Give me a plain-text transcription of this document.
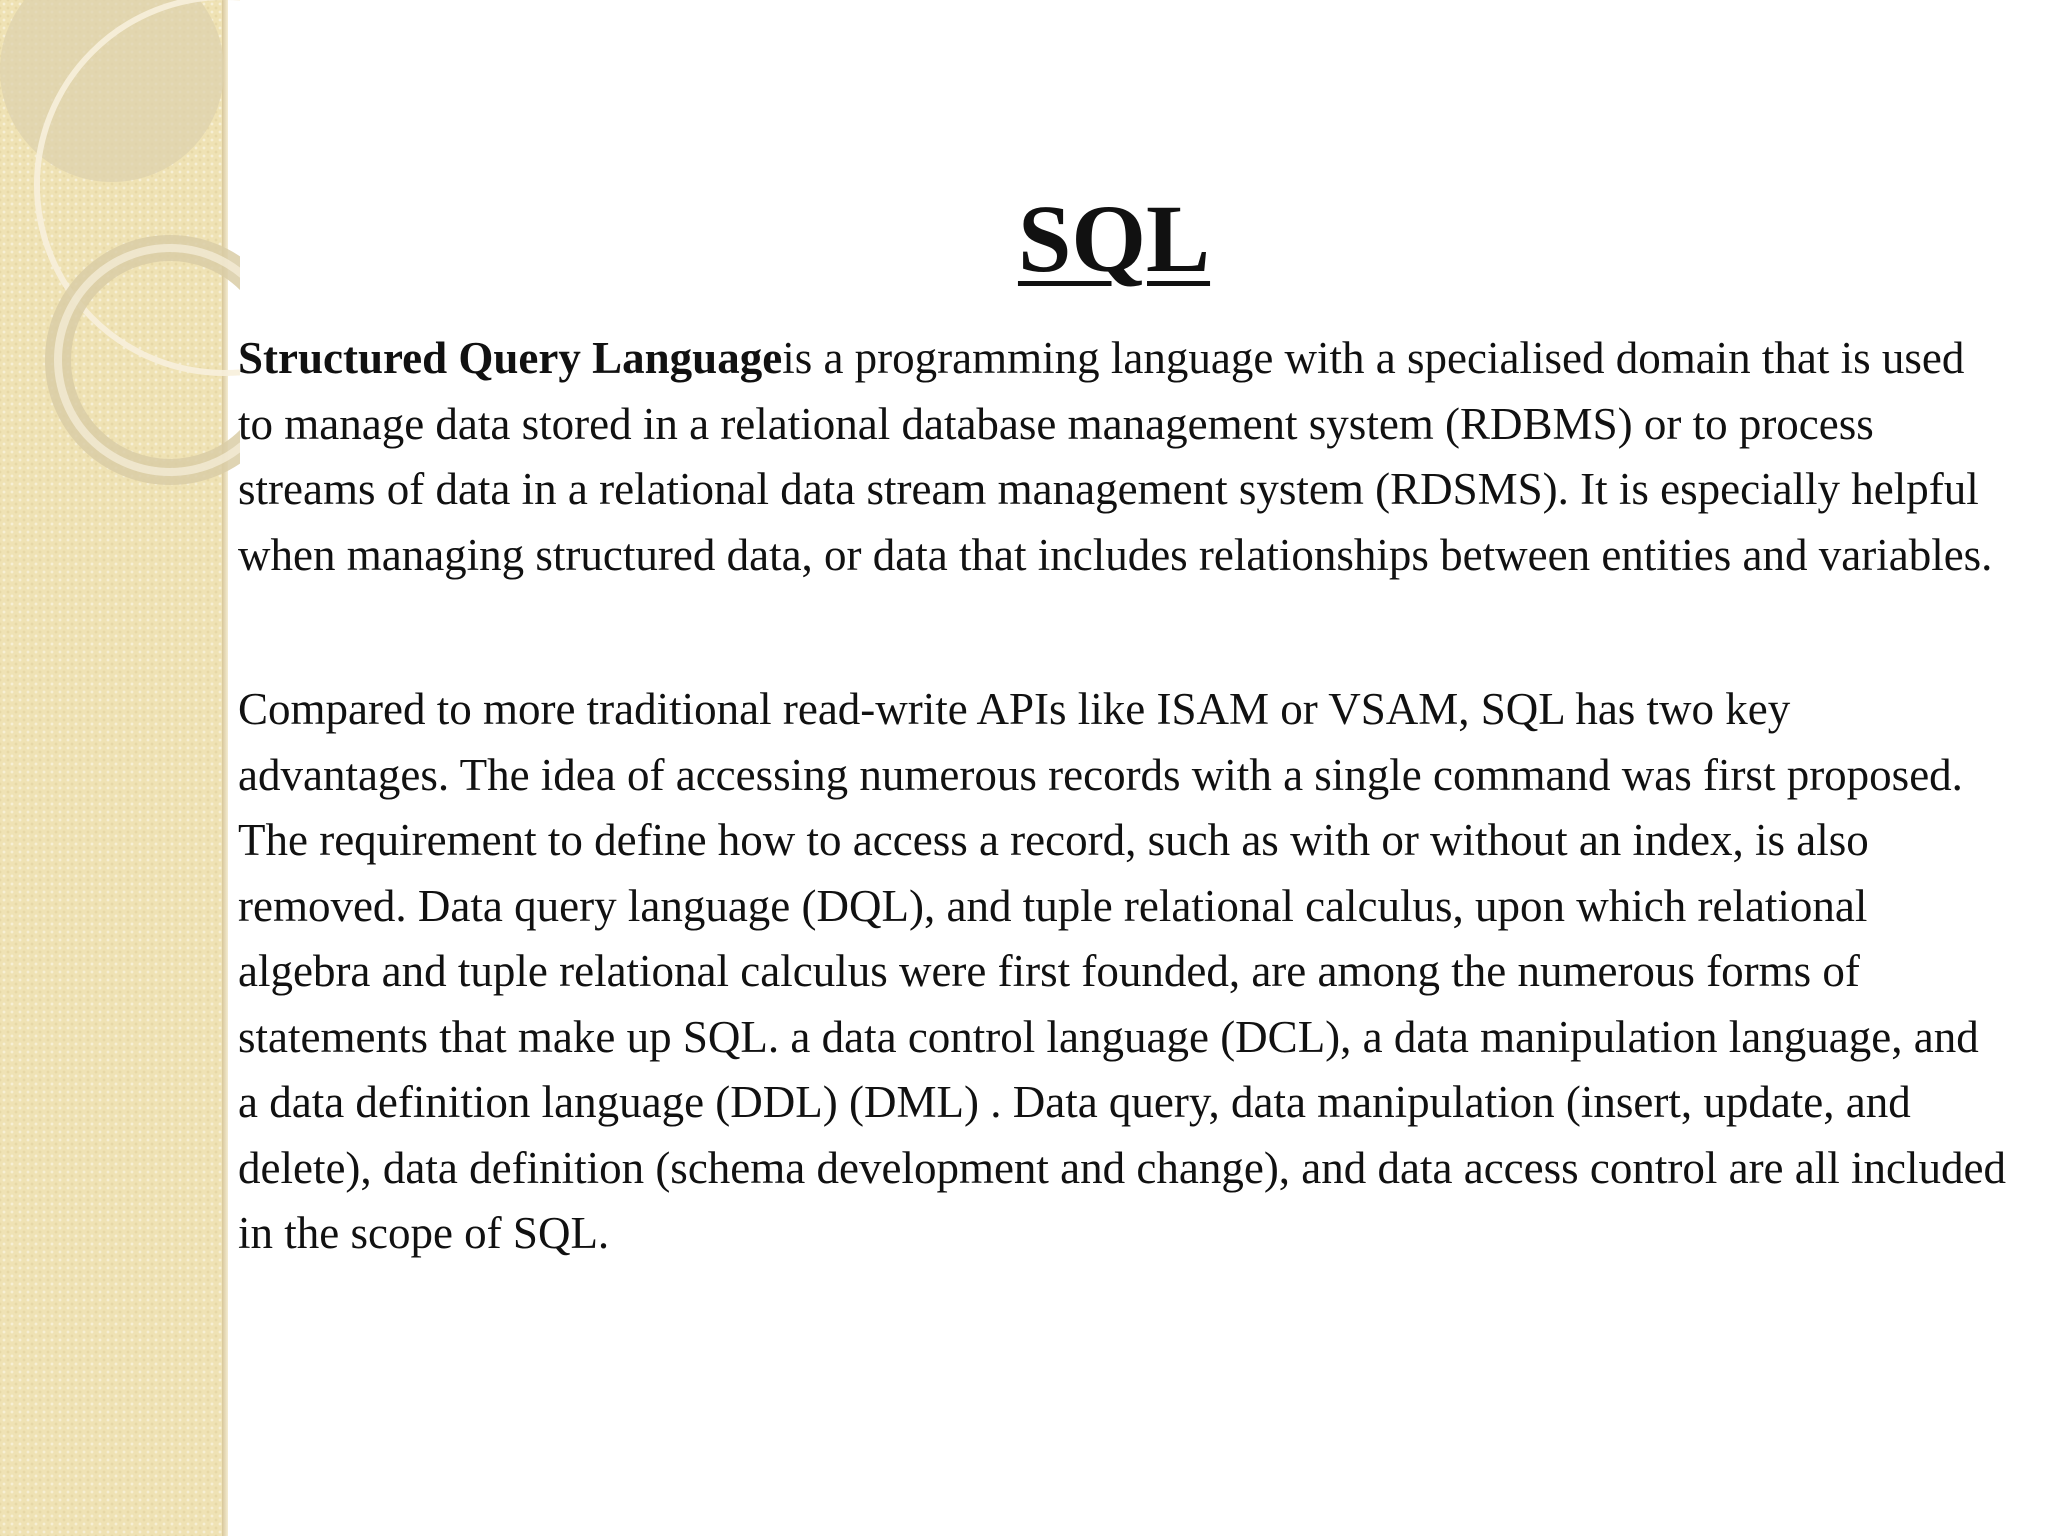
SQL

Structured Query Languageis a programming language with a specialised domain that is used to manage data stored in a relational database management system (RDBMS) or to process streams of data in a relational data stream management system (RDSMS). It is especially helpful when managing structured data, or data that includes relationships between entities and variables.

Compared to more traditional read-write APIs like ISAM or VSAM, SQL has two key advantages. The idea of accessing numerous records with a single command was first proposed. The requirement to define how to access a record, such as with or without an index, is also removed. Data query language (DQL), and tuple relational calculus, upon which relational algebra and tuple relational calculus were first founded, are among the numerous forms of statements that make up SQL. a data control language (DCL), a data manipulation language, and a data definition language (DDL) (DML) . Data query, data manipulation (insert, update, and delete), data definition (schema development and change), and data access control are all included in the scope of SQL.
